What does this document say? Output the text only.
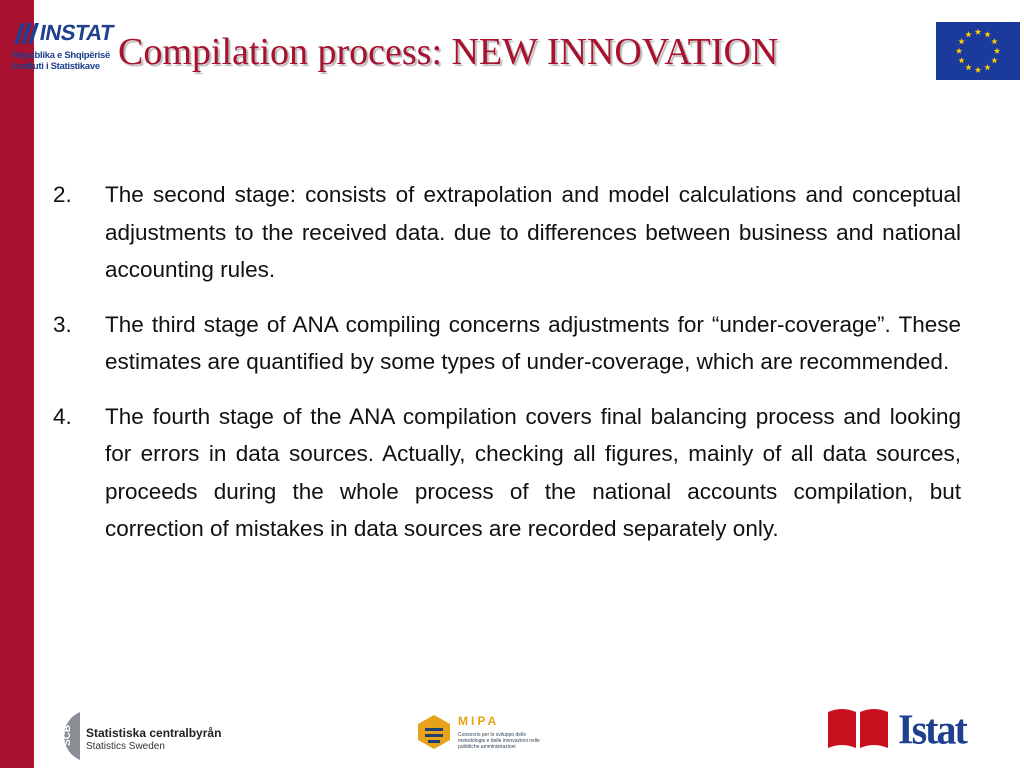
INSTAT
Republika e Shqipërisë
Instituti i Statistikave Compilation process: NEW INNOVATION
2. The second stage: consists of extrapolation and model calculations and conceptual adjustments to the received data. due to differences between business and national accounting rules.
3. The third stage of ANA compiling concerns adjustments for “under-coverage”. These estimates are quantified by some types of under-coverage, which are recommended.
4. The fourth stage of the ANA compilation covers final balancing process and looking for errors in data sources. Actually, checking all figures, mainly of all data sources, proceeds during the whole process of the national accounts compilation, but correction of mistakes in data sources are recorded separately only.
SCB Statistiska centralbyrån
Statistics Sweden
MIPA
Consorzio per lo sviluppo delle metodologie e delle innovazioni nelle pubbliche amministrazioni	Istat
